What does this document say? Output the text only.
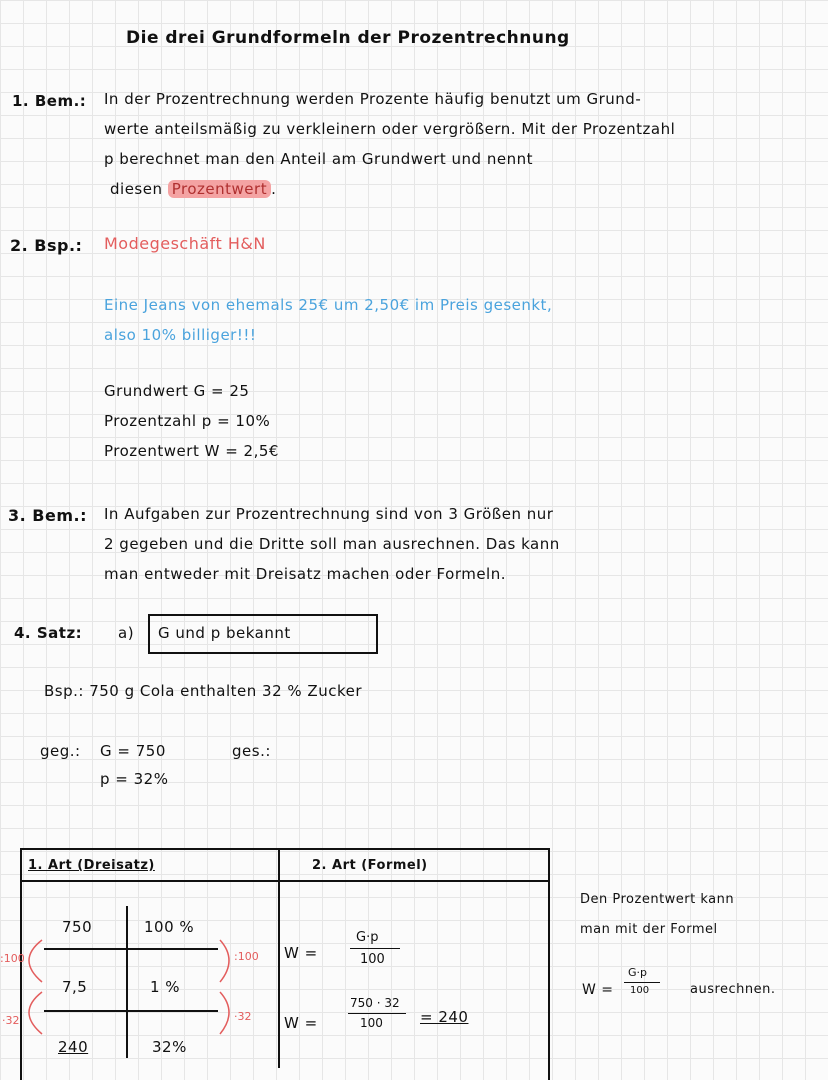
Die drei Grundformeln der Prozentrechnung
1. Bem.: In der Prozentrechnung werden Prozente häufig benutzt um Grund-
werte anteilsmäßig zu verkleinern oder vergrößern. Mit der Prozentzahl
p berechnet man den Anteil am Grundwert und nennt
diesen Prozentwert .
2. Bsp.: Modegeschäft H&N
Eine Jeans von ehemals 25€ um 2,50€ im Preis gesenkt,
also 10% billiger!!!
Grundwert G = 25
Prozentzahl p = 10%
Prozentwert W = 2,5€
3. Bem.: In Aufgaben zur Prozentrechnung sind von 3 Größen nur
2 gegeben und die Dritte soll man ausrechnen. Das kann
man entweder mit Dreisatz machen oder Formeln.
4. Satz: a) G und p bekannt
Bsp.: 750 g Cola enthalten 32 % Zucker
geg.: G = 750
p = 32%
ges.:
1. Art (Dreisatz)	2. Art (Formel)
750	100 %
7,5	1 %
240	32%
:100
·32
:100
·32
W =
G·p
100
W =
750 · 32
100 = 240
Den Prozentwert kann
man mit der Formel
W =
G·p
100	ausrechnen.
